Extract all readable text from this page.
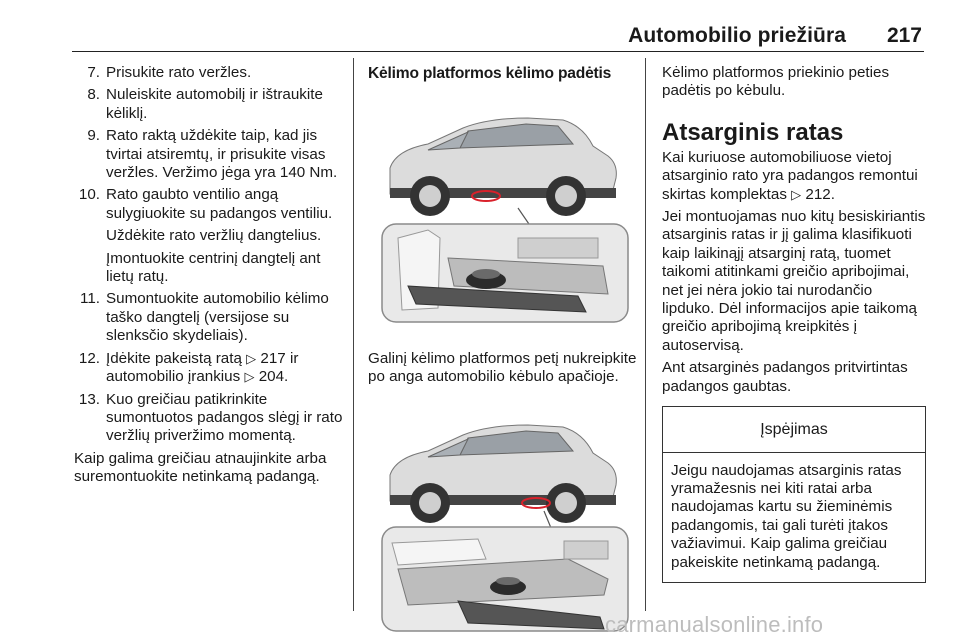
Automobilio priežiūra 217
7. Prisukite rato veržles.
8. Nuleiskite automobilį ir ištraukite kėliklį.
9. Rato raktą uždėkite taip, kad jis tvirtai atsiremtų, ir prisukite visas veržles. Veržimo jėga yra 140 Nm.
10. Rato gaubto ventilio angą sulygiuokite su padangos ventiliu.
Uždėkite rato veržlių dangtelius.
Įmontuokite centrinį dangtelį ant lietų ratų.
11. Sumontuokite automobilio kėlimo taško dangtelį (versijose su slenksčio skydeliais).
12. Įdėkite pakeistą ratą ▷ 217 ir automobilio įrankius ▷ 204.
13. Kuo greičiau patikrinkite sumontuotos padangos slėgį ir rato veržlių priveržimo momentą.
Kaip galima greičiau atnaujinkite arba suremontuokite netinkamą padangą.
Kėlimo platformos kėlimo padėtis
Galinį kėlimo platformos petį nukreipkite po anga automobilio kėbulo apačioje.
Kėlimo platformos priekinio peties padėtis po kėbulu.
Atsarginis ratas
Kai kuriuose automobiliuose vietoj atsarginio rato yra padangos remontui skirtas komplektas ▷ 212.
Jei montuojamas nuo kitų besiskiriantis atsarginis ratas ir jį galima klasifikuoti kaip laikinąjį atsarginį ratą, tuomet taikomi atitinkami greičio apribojimai, net jei nėra jokio tai nurodančio lipduko. Dėl informacijos apie taikomą greičio apribojimą kreipkitės į autoservisą.
Ant atsarginės padangos pritvirtintas padangos gaubtas.
Įspėjimas
Jeigu naudojamas atsarginis ratas yramažesnis nei kiti ratai arba naudojamas kartu su žieminėmis padangomis, tai gali turėti įtakos važiavimui. Kaip galima greičiau pakeiskite netinkamą padangą.
carmanualsonline.info
